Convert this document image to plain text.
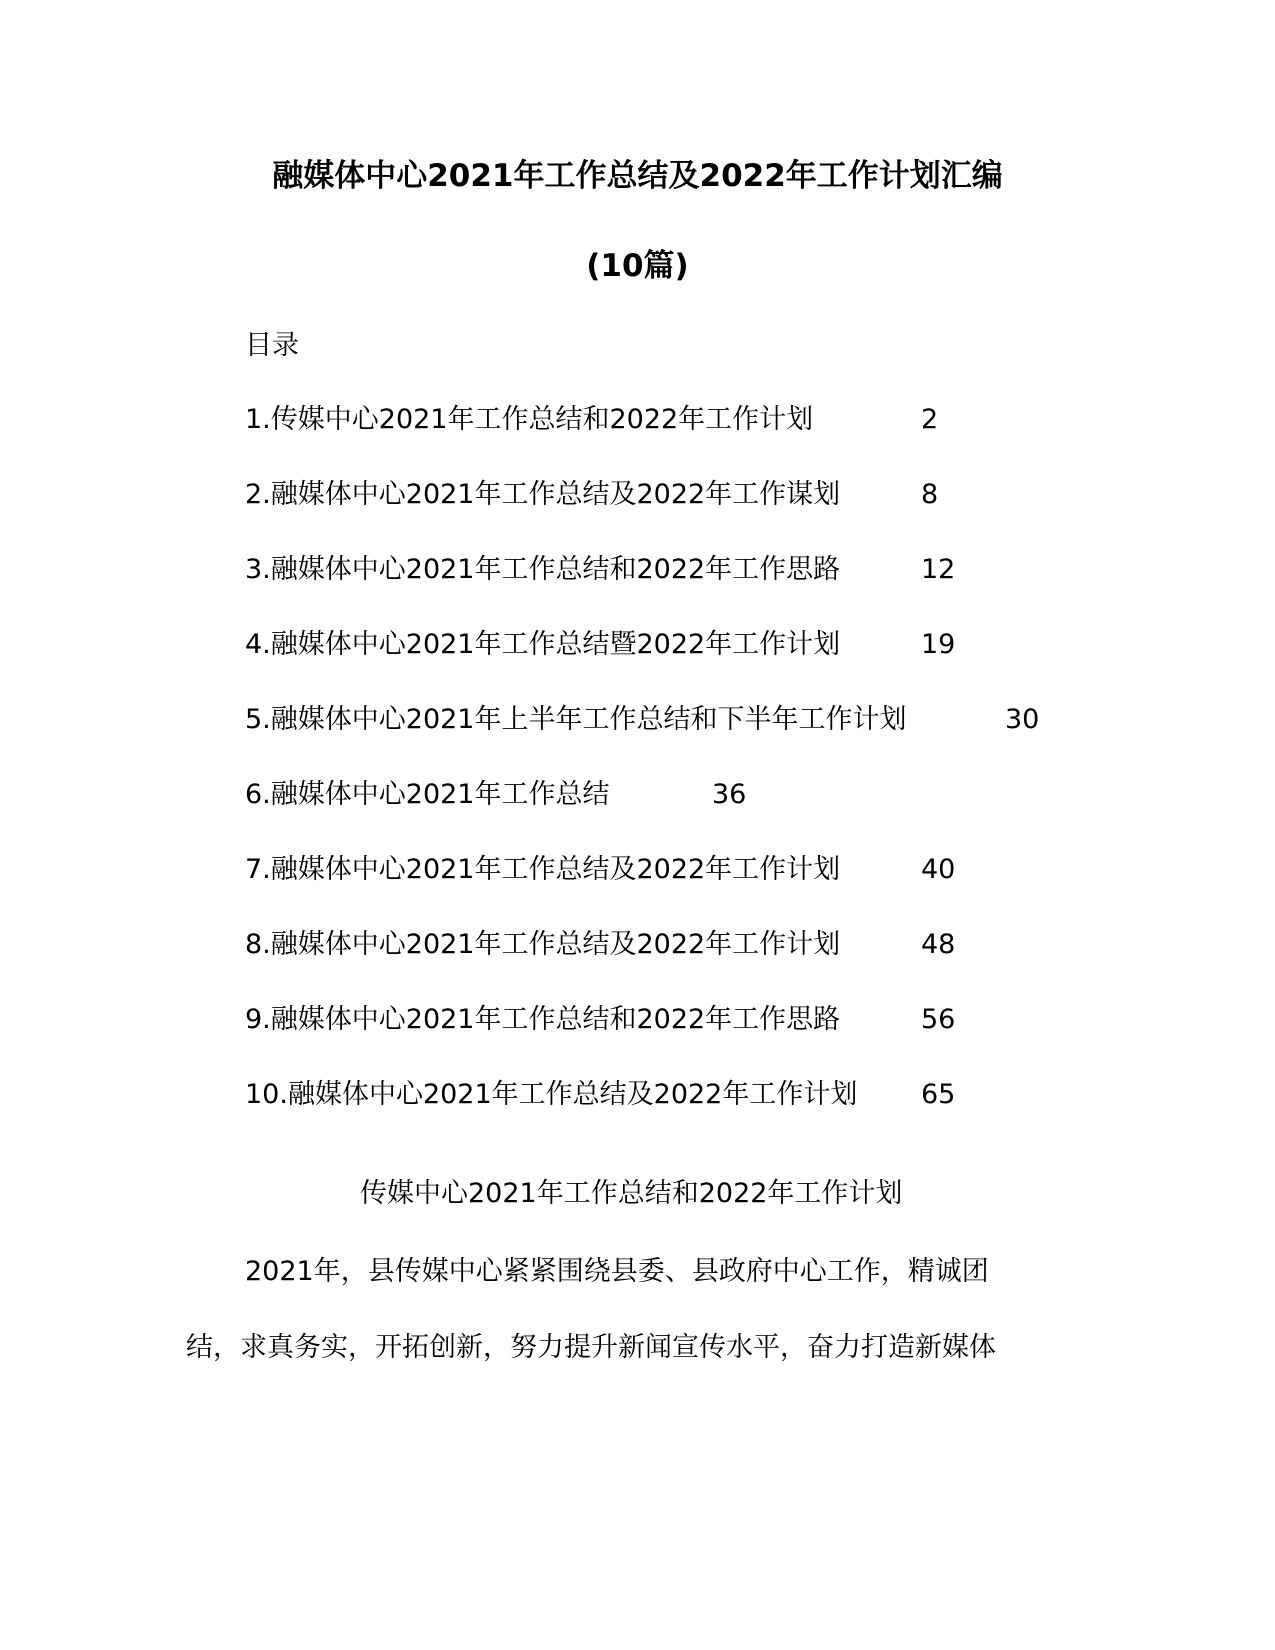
融媒体中心2021年工作总结及2022年工作计划汇编
(10篇)
目录
1.传媒中心2021年工作总结和2022年工作计划	2
2.融媒体中心2021年工作总结及2022年工作谋划	8
3.融媒体中心2021年工作总结和2022年工作思路	12
4.融媒体中心2021年工作总结暨2022年工作计划	19
5.融媒体中心2021年上半年工作总结和下半年工作计划	30
6.融媒体中心2021年工作总结	36
7.融媒体中心2021年工作总结及2022年工作计划	40
8.融媒体中心2021年工作总结及2022年工作计划	48
9.融媒体中心2021年工作总结和2022年工作思路	56
10.融媒体中心2021年工作总结及2022年工作计划 65
传媒中心2021年工作总结和2022年工作计划
2021年，县传媒中心紧紧围绕县委、县政府中心工作，精诚团
结，求真务实，开拓创新，努力提升新闻宣传水平，奋力打造新媒体
